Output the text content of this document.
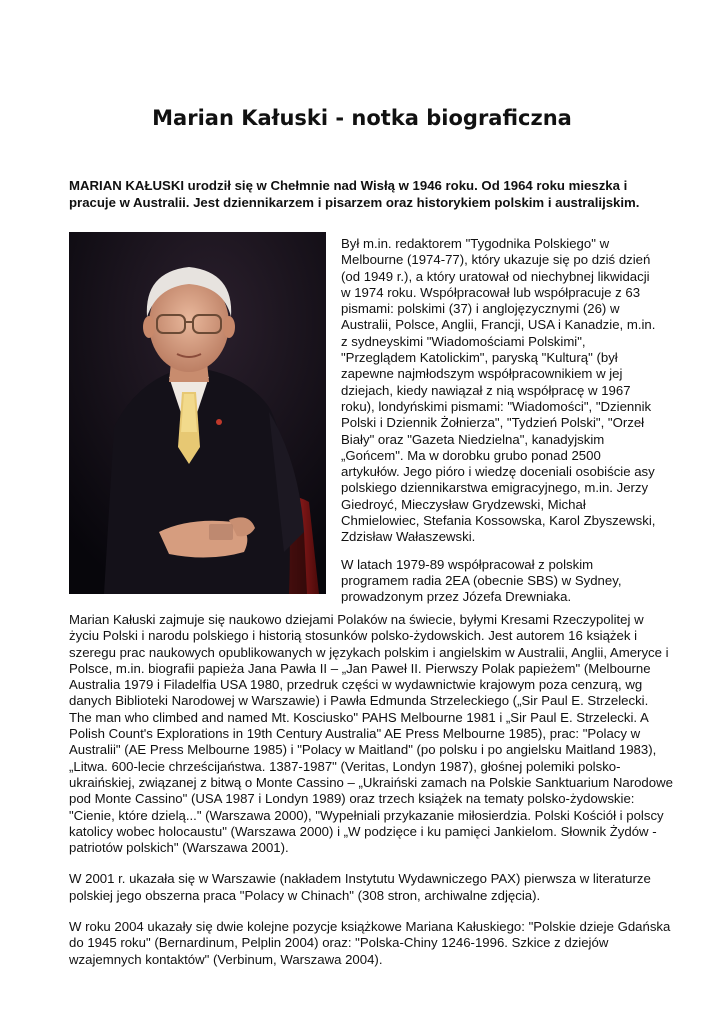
Marian Kałuski - notka biograficzna
MARIAN KAŁUSKI urodził się w Chełmnie nad Wisłą w 1946 roku. Od 1964 roku mieszka i pracuje w Australii. Jest dziennikarzem i pisarzem oraz historykiem polskim i australijskim.

Był m.in. redaktorem "Tygodnika Polskiego" w Melbourne (1974-77), który ukazuje się po dziś dzień (od 1949 r.), a który uratował od niechybnej likwidacji w 1974 roku. Współpracował lub współpracuje z 63 pismami: polskimi (37) i anglojęzycznymi (26) w Australii, Polsce, Anglii, Francji, USA i Kanadzie, m.in. z sydneyskimi "Wiadomościami Polskimi", "Przeglądem Katolickim", paryską "Kulturą" (był zapewne najmłodszym współpracownikiem w jej dziejach, kiedy nawiązał z nią współpracę w 1967 roku), londyńskimi pismami: "Wiadomości", "Dziennik Polski i Dziennik Żołnierza", "Tydzień Polski", "Orzeł Biały" oraz "Gazeta Niedzielna", kanadyjskim „Gońcem". Ma w dorobku grubo ponad 2500 artykułów. Jego pióro i wiedzę doceniali osobiście asy polskiego dziennikarstwa emigracyjnego, m.in. Jerzy Giedroyć, Mieczysław Grydzewski, Michał Chmielowiec, Stefania Kossowska, Karol Zbyszewski, Zdzisław Wałaszewski.

W latach 1979-89 współpracował z polskim programem radia 2EA (obecnie SBS) w Sydney, prowadzonym przez Józefa Drewniaka.

Marian Kałuski zajmuje się naukowo dziejami Polaków na świecie, byłymi Kresami Rzeczypolitej w życiu Polski i narodu polskiego i historią stosunków polsko-żydowskich. Jest autorem 16 książek i szeregu prac naukowych opublikowanych w językach polskim i angielskim w Australii, Anglii, Ameryce i Polsce, m.in. biografii papieża Jana Pawła II – „Jan Paweł II. Pierwszy Polak papieżem" (Melbourne Australia 1979 i Filadelfia USA 1980, przedruk części w wydawnictwie krajowym poza cenzurą, wg danych Biblioteki Narodowej w Warszawie) i Pawła Edmunda Strzeleckiego („Sir Paul E. Strzelecki. The man who climbed and named Mt. Kosciusko" PAHS Melbourne 1981 i „Sir Paul E. Strzelecki. A Polish Count's Explorations in 19th Century Australia" AE Press Melbourne 1985), prac: "Polacy w Australii" (AE Press Melbourne 1985) i "Polacy w Maitland" (po polsku i po angielsku Maitland 1983), „Litwa. 600-lecie chrześcijaństwa. 1387-1987" (Veritas, Londyn 1987), głośnej polemiki polsko-ukraińskiej, związanej z bitwą o Monte Cassino – „Ukraiński zamach na Polskie Sanktuarium Narodowe pod Monte Cassino" (USA 1987 i Londyn 1989) oraz trzech książek na tematy polsko-żydowskie: "Cienie, które dzielą..." (Warszawa 2000), "Wypełniali przykazanie miłosierdzia. Polski Kościół i polscy katolicy wobec holocaustu" (Warszawa 2000) i „W podzięce i ku pamięci Jankielom. Słownik Żydów - patriotów polskich" (Warszawa 2001).

W 2001 r. ukazała się w Warszawie (nakładem Instytutu Wydawniczego PAX) pierwsza w literaturze polskiej jego obszerna praca "Polacy w Chinach" (308 stron, archiwalne zdjęcia).

W roku 2004 ukazały się dwie kolejne pozycje książkowe Mariana Kałuskiego: "Polskie dzieje Gdańska do 1945 roku" (Bernardinum, Pelplin 2004) oraz: "Polska-Chiny 1246-1996. Szkice z dziejów wzajemnych kontaktów" (Verbinum, Warszawa 2004).
